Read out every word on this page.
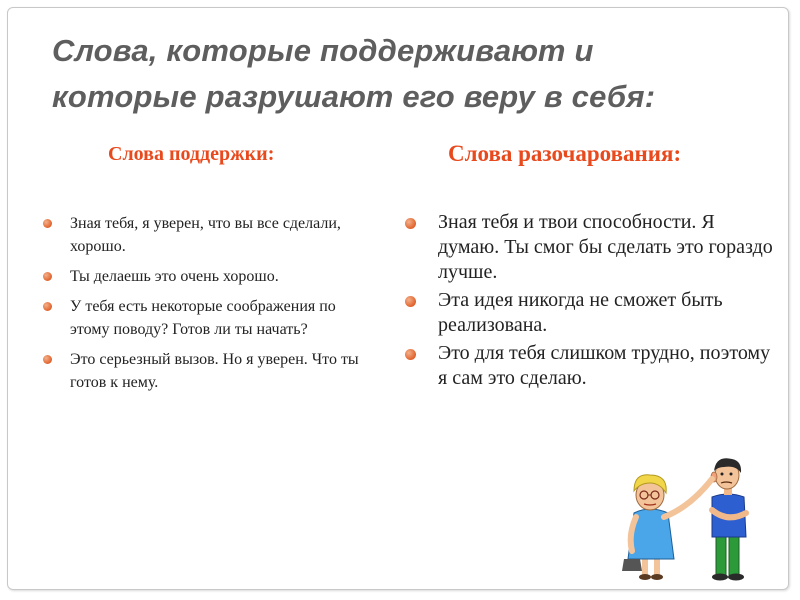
Слова, которые поддерживают и
которые разрушают его веру в себя:
Слова поддержки:	Слова разочарования:
Зная тебя, я уверен, что вы все сделали, хорошо.
Ты делаешь это очень хорошо.
У тебя есть некоторые соображения по этому поводу? Готов ли ты начать?
Это серьезный вызов. Но я уверен. Что ты готов к нему.
Зная тебя и твои способности. Я думаю. Ты смог бы сделать это гораздо лучше.
Эта идея никогда не сможет быть реализована.
Это для тебя слишком трудно, поэтому я сам это сделаю.
